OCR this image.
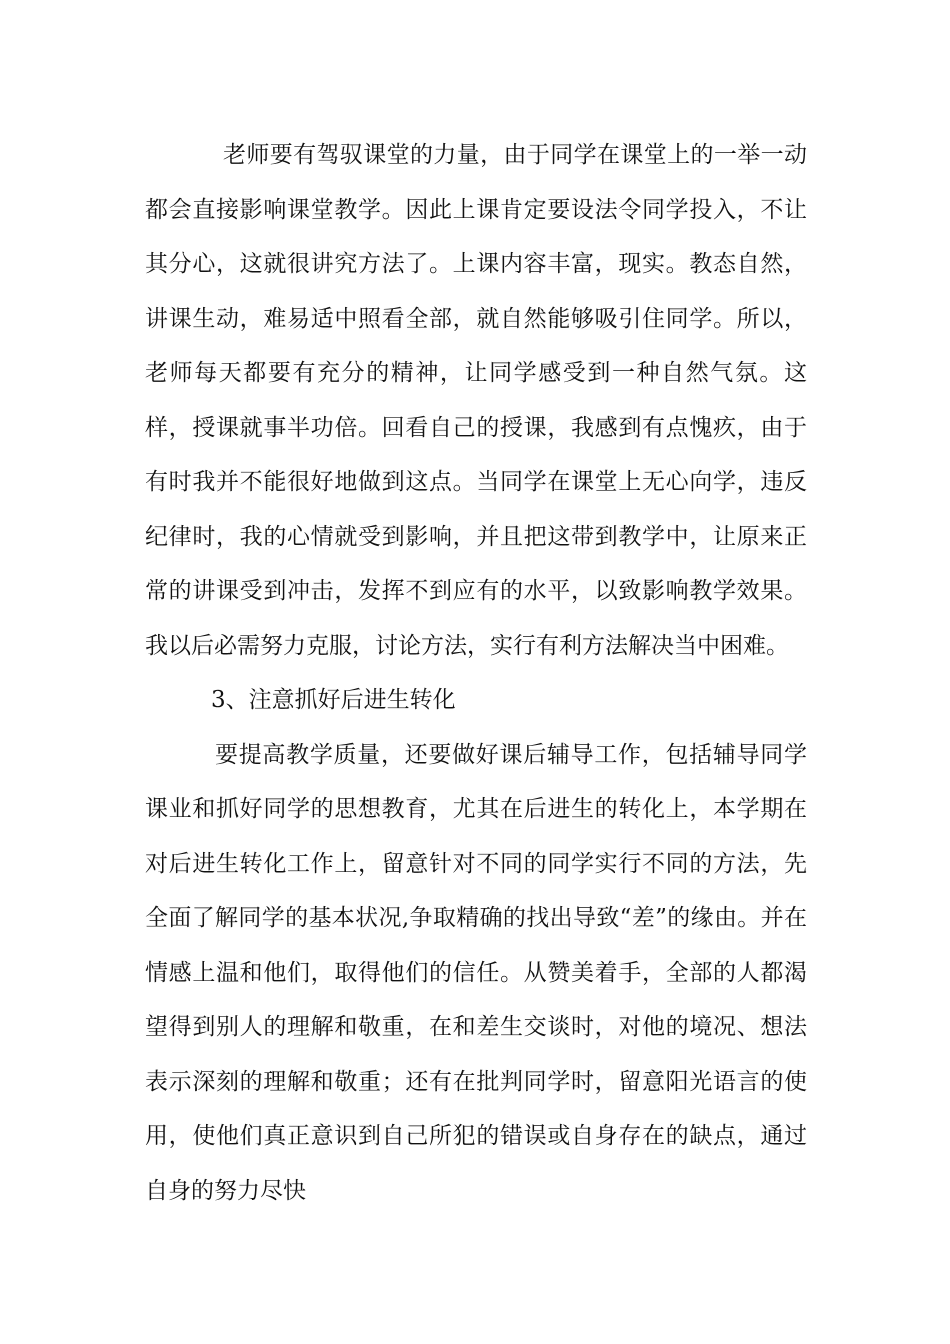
老师要有驾驭课堂的力量，由于同学在课堂上的一举一动都会直接影响课堂教学。因此上课肯定要设法令同学投入，不让其分心，这就很讲究方法了。上课内容丰富，现实。教态自然，讲课生动，难易适中照看全部，就自然能够吸引住同学。所以，老师每天都要有充分的精神，让同学感受到一种自然气氛。这样，授课就事半功倍。回看自己的授课，我感到有点愧疚，由于有时我并不能很好地做到这点。当同学在课堂上无心向学，违反纪律时，我的心情就受到影响，并且把这带到教学中，让原来正常的讲课受到冲击，发挥不到应有的水平，以致影响教学效果。我以后必需努力克服，讨论方法，实行有利方法解决当中困难。

3、注意抓好后进生转化

要提高教学质量，还要做好课后辅导工作，包括辅导同学课业和抓好同学的思想教育，尤其在后进生的转化上，本学期在对后进生转化工作上，留意针对不同的同学实行不同的方法，先全面了解同学的基本状况,争取精确的找出导致“差”的缘由。并在情感上温和他们，取得他们的信任。从赞美着手，全部的人都渴望得到别人的理解和敬重，在和差生交谈时，对他的境况、想法表示深刻的理解和敬重；还有在批判同学时，留意阳光语言的使用，使他们真正意识到自己所犯的错误或自身存在的缺点，通过自身的努力尽快
